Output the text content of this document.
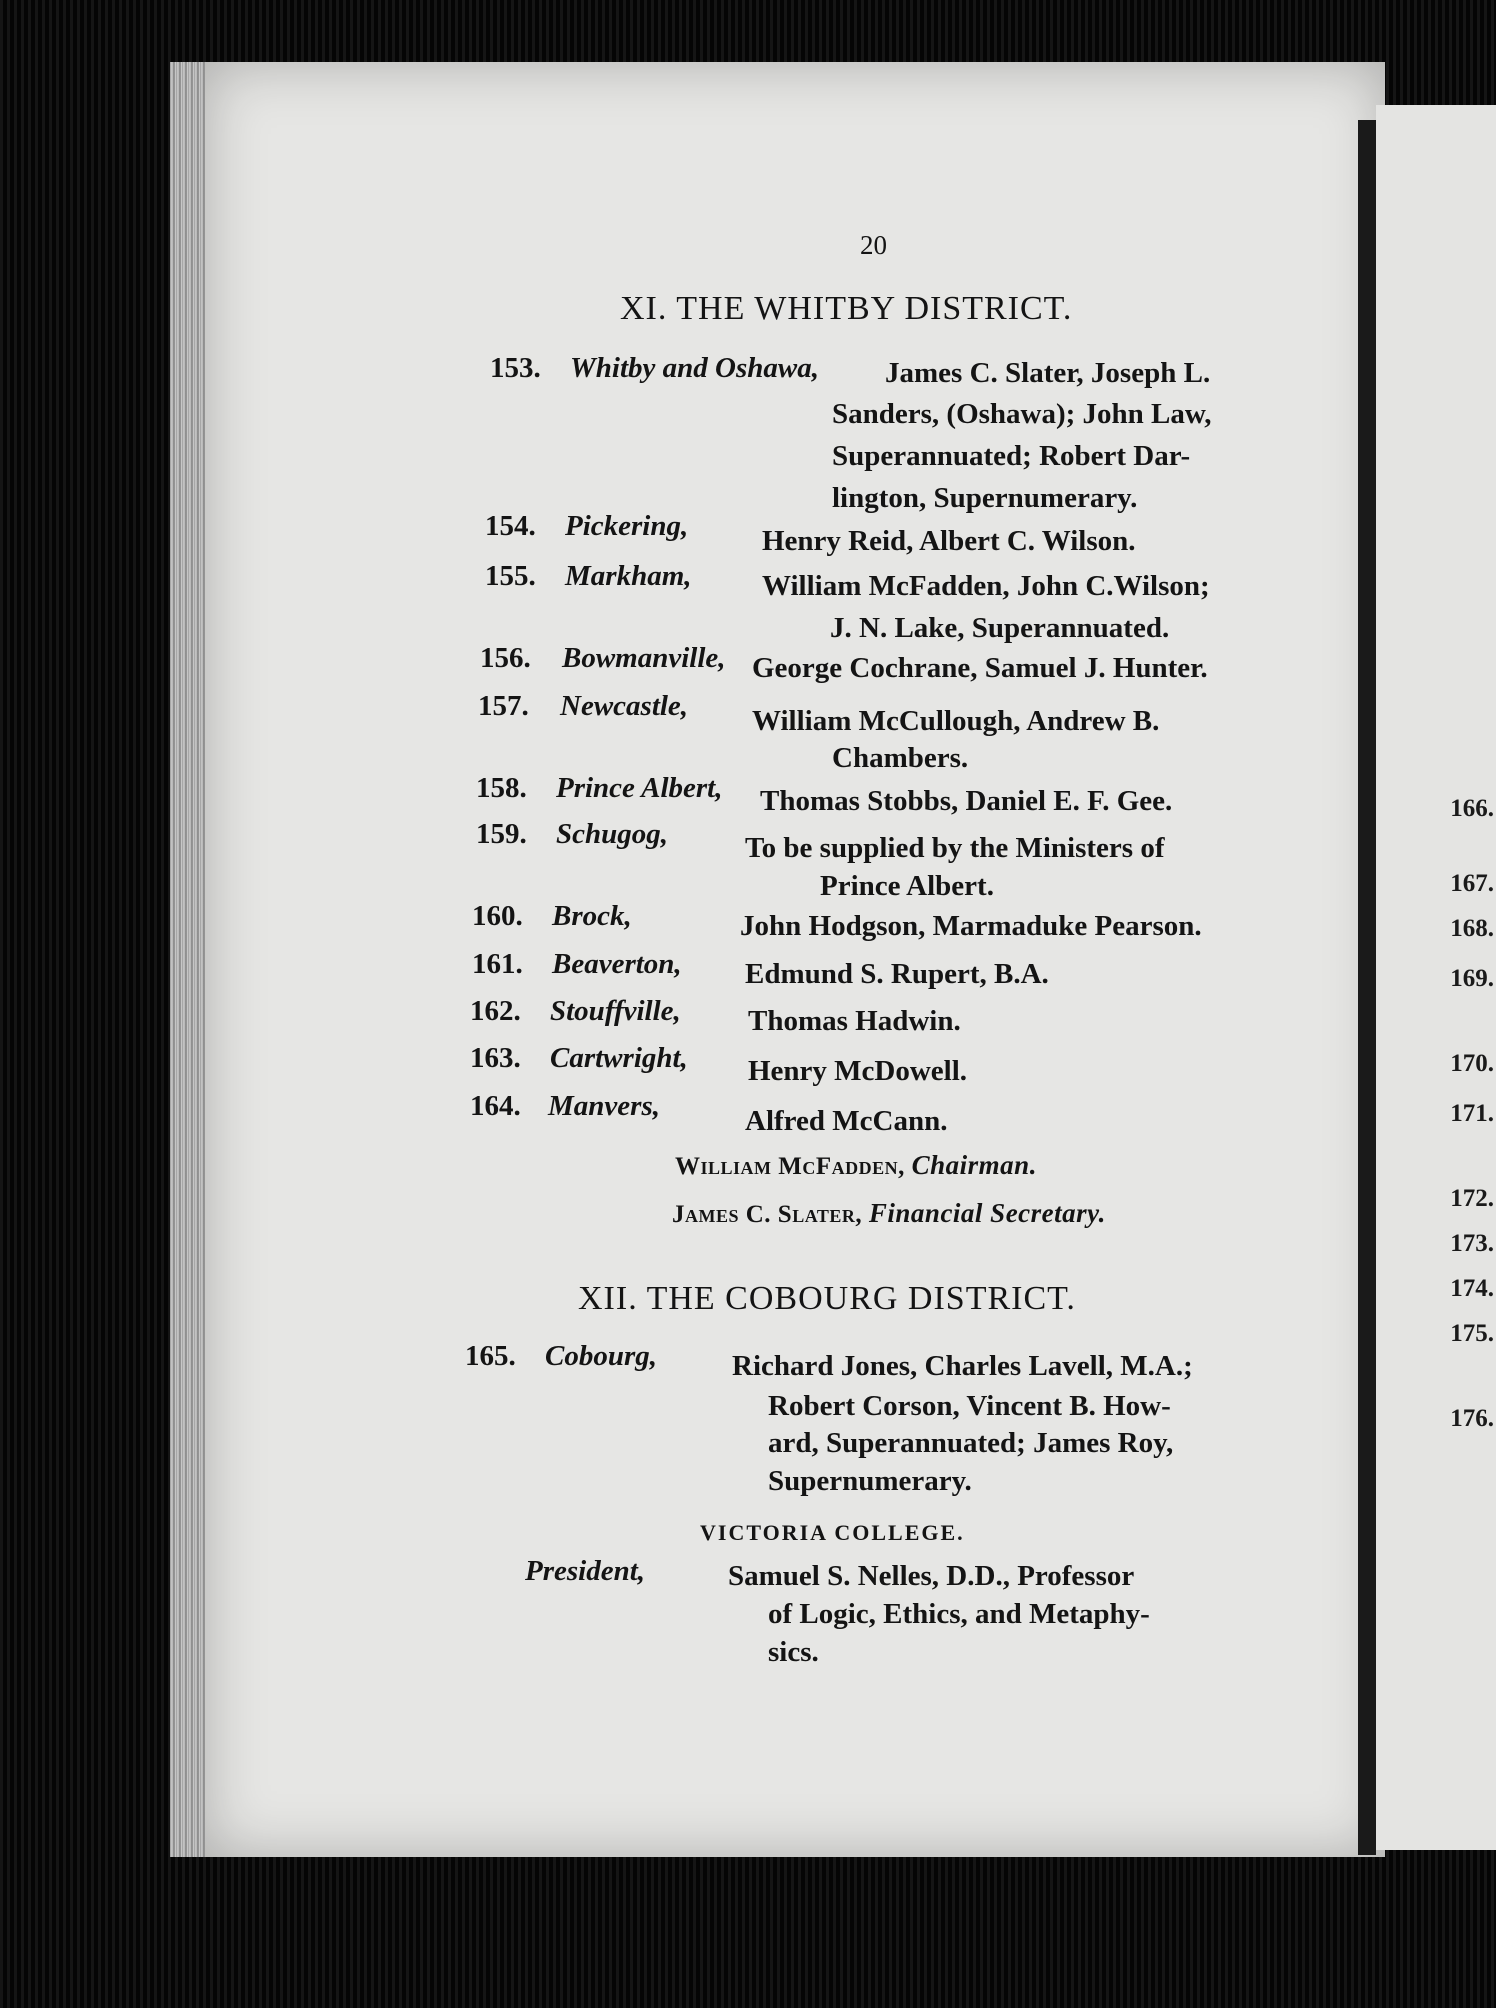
166.
167.
168.
169.
170.
171.
172.
173.
174.
175.
176.
20
XI. THE WHITBY DISTRICT.
153. Whitby and Oshawa, James C. Slater, Joseph L.
Sanders, (Oshawa); John Law,
Superannuated; Robert Dar-
lington, Supernumerary.
154. Pickering,	Henry Reid, Albert C. Wilson.
155. Markham, William McFadden, John C.Wilson;
J. N. Lake, Superannuated.
156. Bowmanville, George Cochrane, Samuel J. Hunter.
157. Newcastle, William McCullough, Andrew B.
Chambers.
158. Prince Albert, Thomas Stobbs, Daniel E. F. Gee.
159. Schugog,	To be supplied by the Ministers of
Prince Albert.
160. Brock,	John Hodgson, Marmaduke Pearson.
161. Beaverton, Edmund S. Rupert, B.A.
162. Stouffville, Thomas Hadwin.
163. Cartwright, Henry McDowell.
164. Manvers,	Alfred McCann.
William McFadden, Chairman.
James C. Slater, Financial Secretary.
XII. THE COBOURG DISTRICT.
165. Cobourg,	Richard Jones, Charles Lavell, M.A.;
Robert Corson, Vincent B. How-
ard, Superannuated; James Roy,
Supernumerary.
VICTORIA COLLEGE.
President,	Samuel S. Nelles, D.D., Professor
of Logic, Ethics, and Metaphy-
sics.
